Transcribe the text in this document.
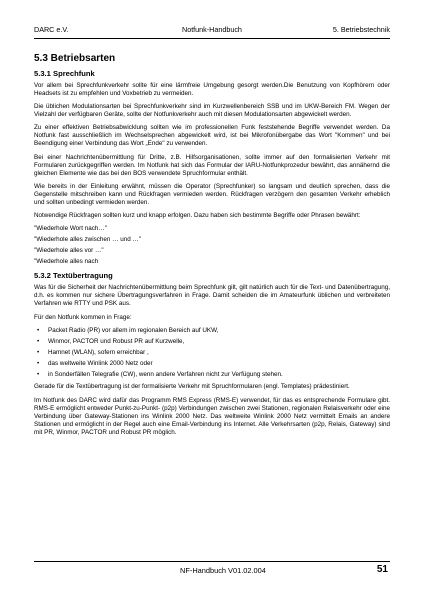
DARC e.V.	Notfunk-Handbuch	5. Betriebstechnik
5.3 Betriebsarten
5.3.1 Sprechfunk

Vor allem bei Sprechfunkverkehr sollte für eine lärmfreie Umgebung gesorgt werden.Die Benutzung von Kopfhörern oder Headsets ist zu empfehlen und Voxbetrieb zu vermeiden.

Die üblichen Modulationsarten bei Sprechfunkverkehr sind im Kurzwellenbereich SSB und im UKW-Bereich FM. Wegen der Vielzahl der verfügbaren Geräte, sollte der Notfunkverkehr auch mit diesen Modulationsarten abgewickelt werden.

Zu einer effektiven Betriebsabwicklung sollten wie im professionellen Funk feststehende Begriffe verwendet werden. Da Notfunk fast ausschließlich im Wechselsprechen abgewickelt wird, ist bei Mikrofonübergabe das Wort "Kommen" und bei Beendigung einer Verbindung das Wort „Ende" zu verwenden.

Bei einer Nachrichtenübermittlung für Dritte, z.B. Hilfsorganisationen, sollte immer auf den formalisierten Verkehr mit Formularen zurückgegriffen werden. Im Notfunk hat sich das Formular der IARU-Notfunkprozedur bewährt, das annähernd die gleichen Elemente wie das bei den BOS verwendete Spruchformular enthält.

Wie bereits in der Einleitung erwähnt, müssen die Operator (Sprechfunker) so langsam und deutlich sprechen, dass die Gegenstelle mitschreiben kann und Rückfragen vermieden werden. Rückfragen verzögern den gesamten Verkehr erheblich und sollten unbedingt vermieden werden.

Notwendige Rückfragen sollten kurz und knapp erfolgen. Dazu haben sich bestimmte Begriffe oder Phrasen bewährt:

"Wiederhole Wort nach…"

"Wiederhole alles zwischen … und …"

"Wiederhole alles vor …"

"Wiederhole alles nach

5.3.2 Textübertragung

Was für die Sicherheit der Nachrichtenübermittlung beim Sprechfunk gilt, gilt natürlich auch für die Text- und Datenübertragung, d.h. es kommen nur sichere Übertragungsverfahren in Frage. Damit scheiden die im Amateurfunk üblichen und verbreiteten Verfahren wie RTTY und PSK aus.

Für den Notfunk kommen in Frage:

• Packet Radio (PR) vor allem im regionalen Bereich auf UKW,
• Winmor, PACTOR und Robust PR auf Kurzwelle,
• Hamnet (WLAN), sofern erreichbar ,
• das weltweite Winlink 2000 Netz oder
• in Sonderfällen Telegrafie (CW), wenn andere Verfahren nicht zur Verfügung stehen.

Gerade für die Textübertragung ist der formalisierte Verkehr mit Spruchformularen (engl. Templates) prädestiniert.

Im Notfunk des DARC wird dafür das Programm RMS Express (RMS-E) verwendet, für das es entsprechende Formulare gibt. RMS-E ermöglicht entweder Punkt-zu-Punkt- (p2p) Verbindungen zwischen zwei Stationen, regionalen Relaisverkehr oder eine Verbindung über Gateway-Stationen ins Winlink 2000 Netz. Das weltweite Winlink 2000 Netz vermittelt Emails an andere Stationen und ermöglicht in der Regel auch eine Email-Verbindung ins Internet. Alle Verkehrsarten (p2p, Relais, Gateway) sind mit PR, Winmor, PACTOR und Robust PR möglich.

NF-Handbuch V01.02.004	51
